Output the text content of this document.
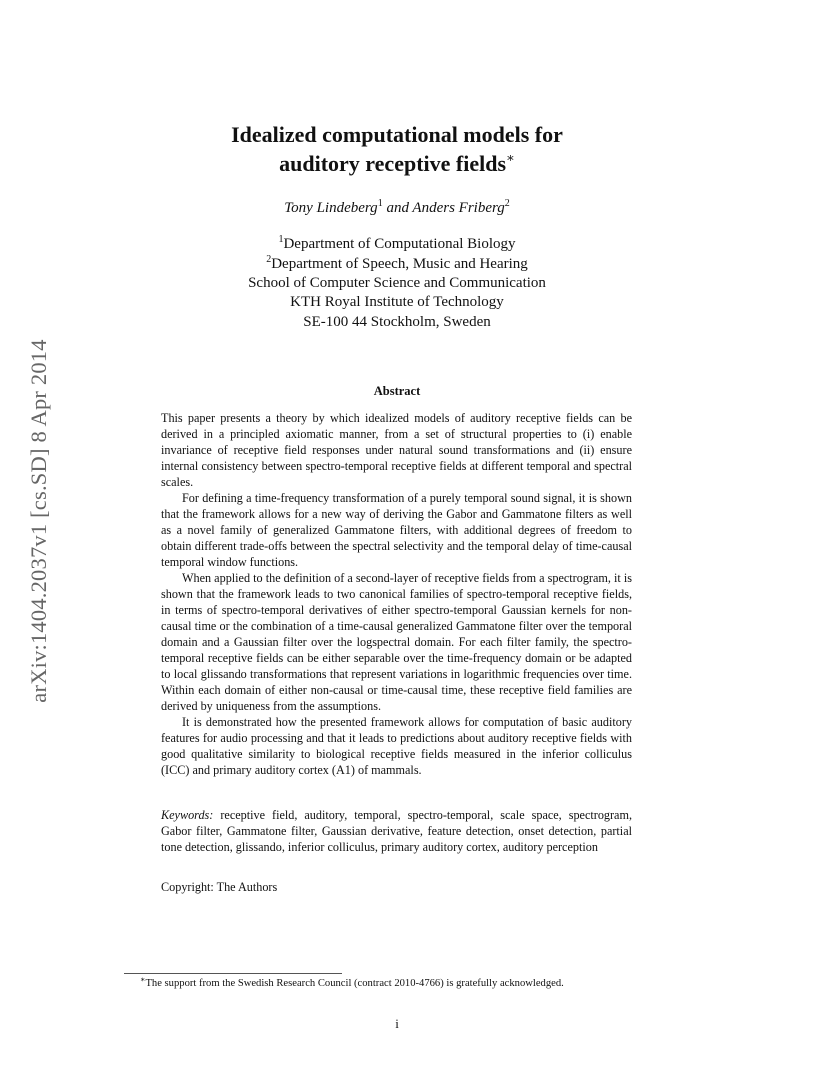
arXiv:1404.2037v1 [cs.SD] 8 Apr 2014
Idealized computational models for
auditory receptive fields∗
Tony Lindeberg$^1$ and Anders Friberg$^2$
$^1$Department of Computational Biology
$^2$Department of Speech, Music and Hearing
School of Computer Science and Communication
KTH Royal Institute of Technology
SE-100 44 Stockholm, Sweden
Abstract

This paper presents a theory by which idealized models of auditory receptive fields can be derived in a principled axiomatic manner, from a set of structural properties to (i) enable invariance of receptive field responses under natural sound transformations and (ii) ensure internal consistency between spectro-temporal receptive fields at different temporal and spectral scales.

For defining a time-frequency transformation of a purely temporal sound signal, it is shown that the framework allows for a new way of deriving the Gabor and Gammatone filters as well as a novel family of generalized Gammatone filters, with additional degrees of freedom to obtain different trade-offs between the spectral selectivity and the temporal delay of time-causal temporal window functions.

When applied to the definition of a second-layer of receptive fields from a spectrogram, it is shown that the framework leads to two canonical families of spectro-temporal receptive fields, in terms of spectro-temporal derivatives of either spectro-temporal Gaussian kernels for non-causal time or the combination of a time-causal generalized Gammatone filter over the temporal domain and a Gaussian filter over the logspectral domain. For each filter family, the spectro-temporal receptive fields can be either separable over the time-frequency domain or be adapted to local glissando transformations that represent variations in logarithmic frequencies over time. Within each domain of either non-causal or time-causal time, these receptive field families are derived by uniqueness from the assumptions.

It is demonstrated how the presented framework allows for computation of basic auditory features for audio processing and that it leads to predictions about auditory receptive fields with good qualitative similarity to biological receptive fields measured in the inferior colliculus (ICC) and primary auditory cortex (A1) of mammals.

Keywords: receptive field, auditory, temporal, spectro-temporal, scale space, spectrogram, Gabor filter, Gammatone filter, Gaussian derivative, feature detection, onset detection, partial tone detection, glissando, inferior colliculus, primary auditory cortex, auditory perception
Copyright: The Authors
∗The support from the Swedish Research Council (contract 2010-4766) is gratefully acknowledged.
i
